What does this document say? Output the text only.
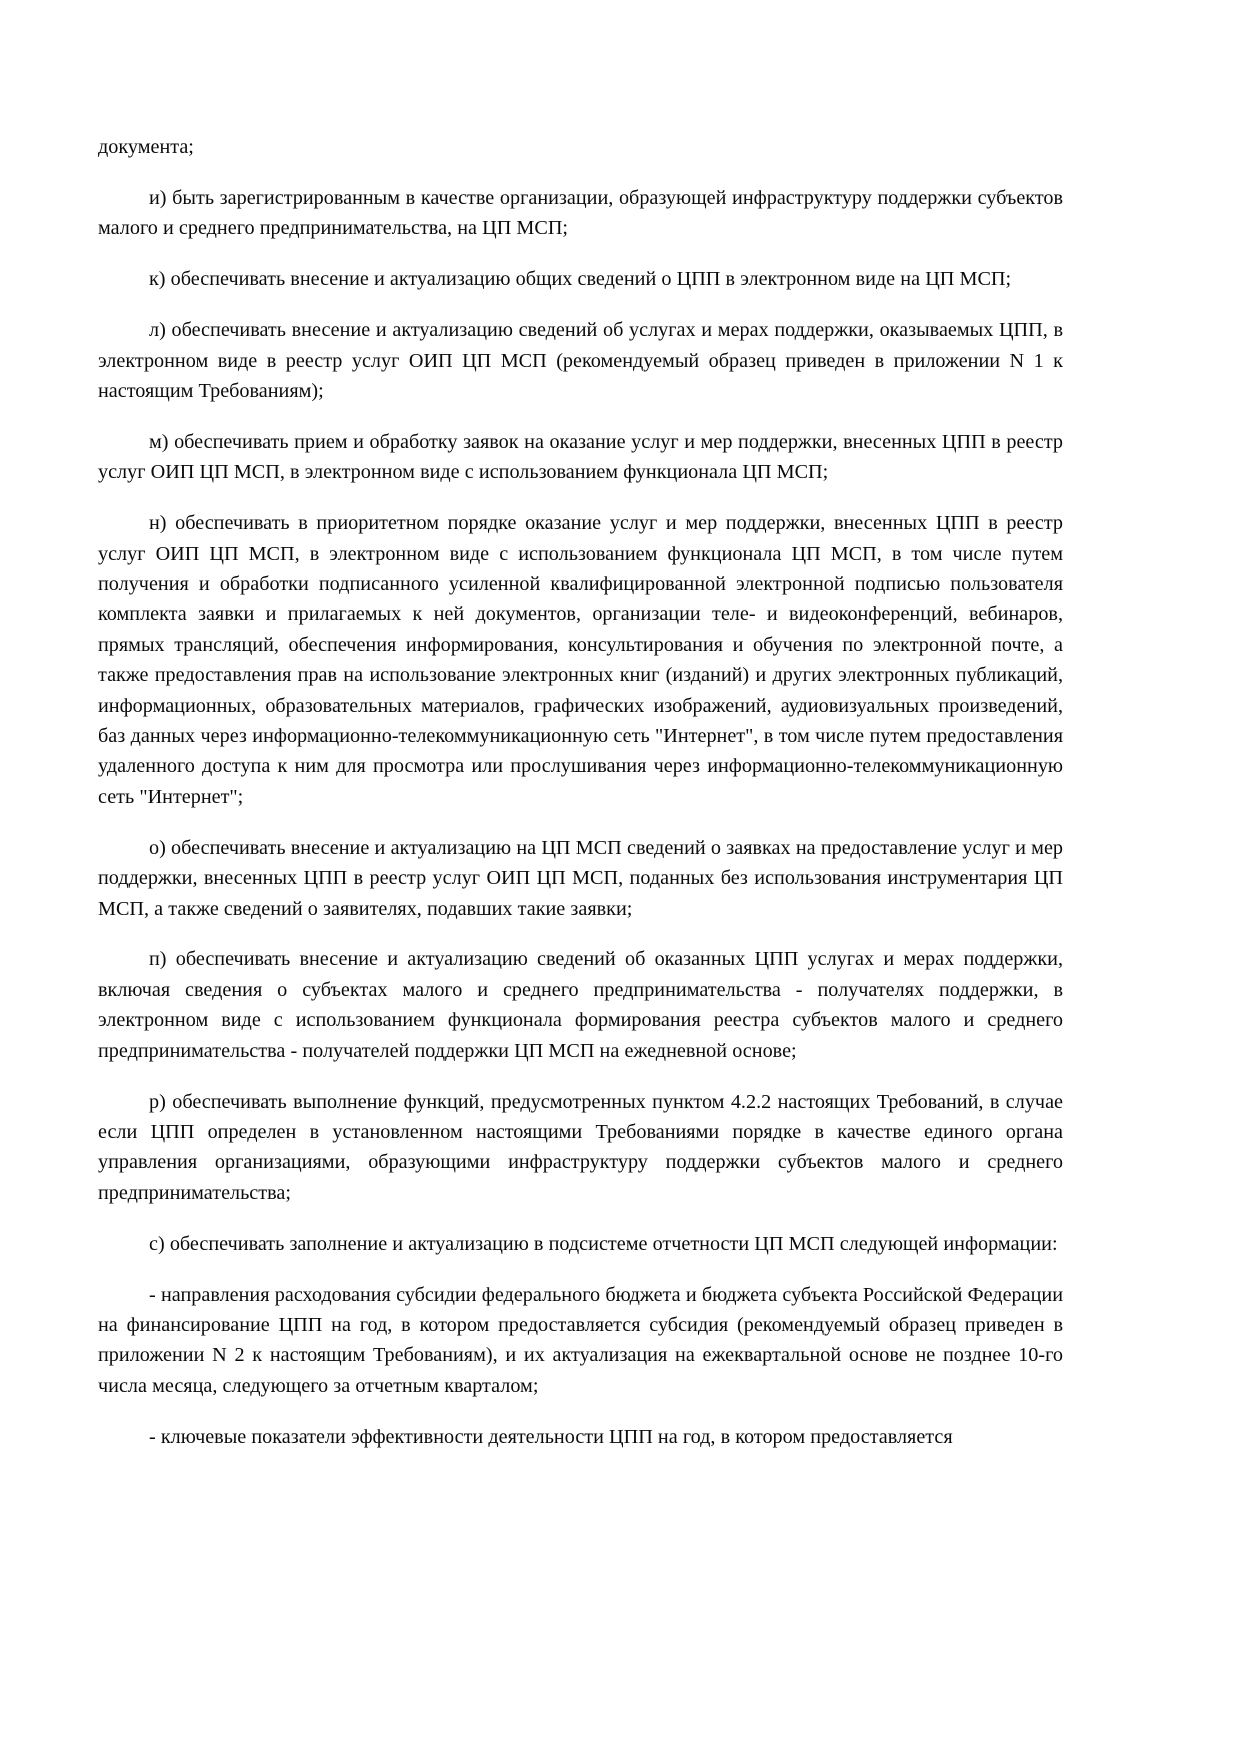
документа;

и) быть зарегистрированным в качестве организации, образующей инфраструктуру поддержки субъектов малого и среднего предпринимательства, на ЦП МСП;

к) обеспечивать внесение и актуализацию общих сведений о ЦПП в электронном виде на ЦП МСП;

л) обеспечивать внесение и актуализацию сведений об услугах и мерах поддержки, оказываемых ЦПП, в электронном виде в реестр услуг ОИП ЦП МСП (рекомендуемый образец приведен в приложении N 1 к настоящим Требованиям);

м) обеспечивать прием и обработку заявок на оказание услуг и мер поддержки, внесенных ЦПП в реестр услуг ОИП ЦП МСП, в электронном виде с использованием функционала ЦП МСП;

н) обеспечивать в приоритетном порядке оказание услуг и мер поддержки, внесенных ЦПП в реестр услуг ОИП ЦП МСП, в электронном виде с использованием функционала ЦП МСП, в том числе путем получения и обработки подписанного усиленной квалифицированной электронной подписью пользователя комплекта заявки и прилагаемых к ней документов, организации теле- и видеоконференций, вебинаров, прямых трансляций, обеспечения информирования, консультирования и обучения по электронной почте, а также предоставления прав на использование электронных книг (изданий) и других электронных публикаций, информационных, образовательных материалов, графических изображений, аудиовизуальных произведений, баз данных через информационно-телекоммуникационную сеть "Интернет", в том числе путем предоставления удаленного доступа к ним для просмотра или прослушивания через информационно-телекоммуникационную сеть "Интернет";

о) обеспечивать внесение и актуализацию на ЦП МСП сведений о заявках на предоставление услуг и мер поддержки, внесенных ЦПП в реестр услуг ОИП ЦП МСП, поданных без использования инструментария ЦП МСП, а также сведений о заявителях, подавших такие заявки;

п) обеспечивать внесение и актуализацию сведений об оказанных ЦПП услугах и мерах поддержки, включая сведения о субъектах малого и среднего предпринимательства - получателях поддержки, в электронном виде с использованием функционала формирования реестра субъектов малого и среднего предпринимательства - получателей поддержки ЦП МСП на ежедневной основе;

р) обеспечивать выполнение функций, предусмотренных пунктом 4.2.2 настоящих Требований, в случае если ЦПП определен в установленном настоящими Требованиями порядке в качестве единого органа управления организациями, образующими инфраструктуру поддержки субъектов малого и среднего предпринимательства;

с) обеспечивать заполнение и актуализацию в подсистеме отчетности ЦП МСП следующей информации:

- направления расходования субсидии федерального бюджета и бюджета субъекта Российской Федерации на финансирование ЦПП на год, в котором предоставляется субсидия (рекомендуемый образец приведен в приложении N 2 к настоящим Требованиям), и их актуализация на ежеквартальной основе не позднее 10-го числа месяца, следующего за отчетным кварталом;

- ключевые показатели эффективности деятельности ЦПП на год, в котором предоставляется
